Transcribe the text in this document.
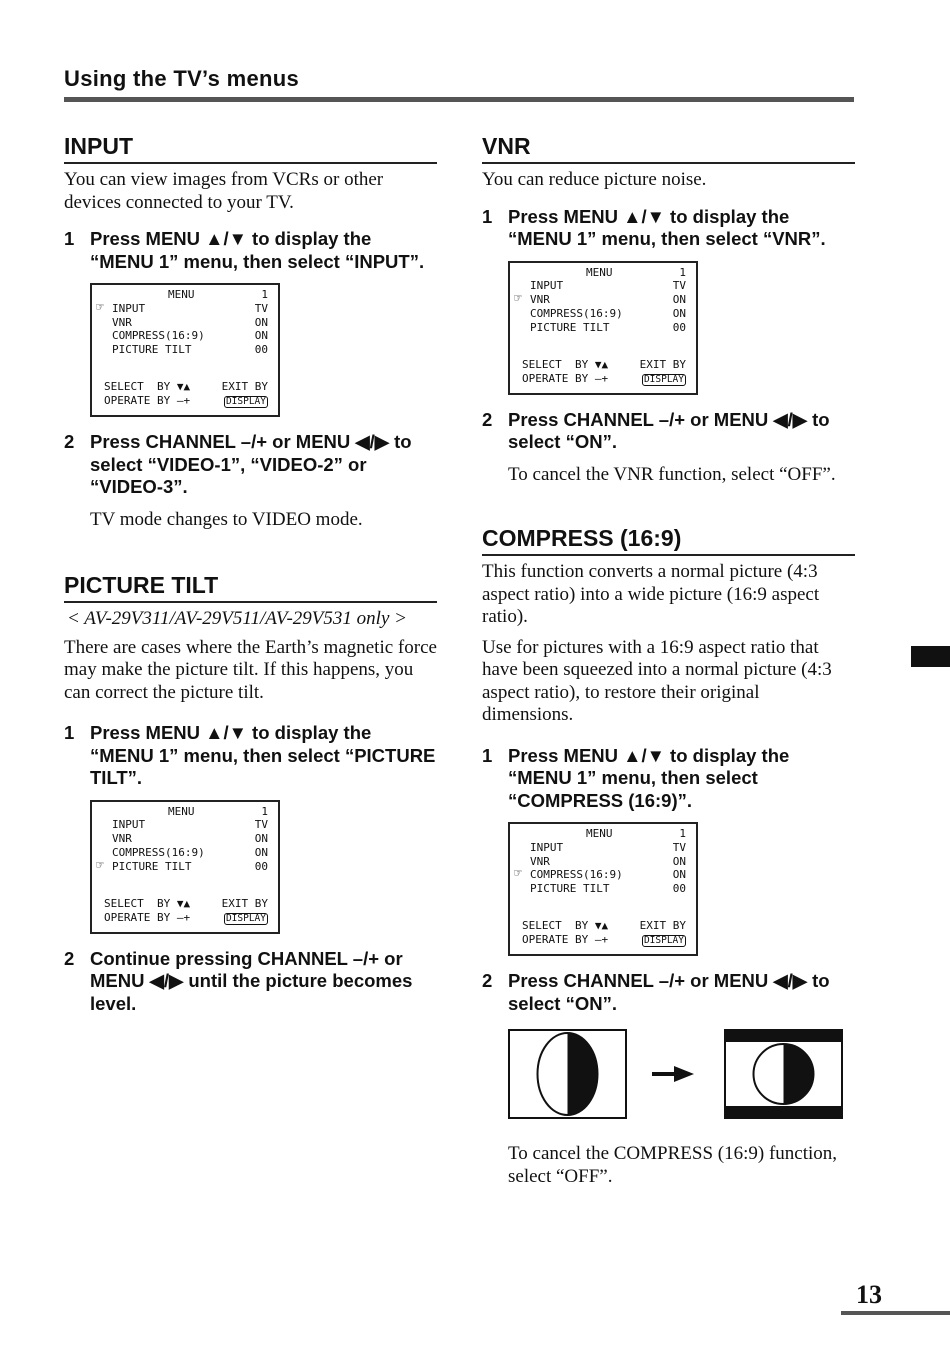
Using the TV’s menus
INPUT

You can view images from VCRs or other devices connected to your TV.

1 Press MENU ▲/▼ to display the “MENU 1” menu, then select “INPUT”.
MENU	1
☞ INPUT	TV
VNR	ON
COMPRESS(16:9)	ON
PICTURE TILT	00
SELECT  BY ▼▲	EXIT BY
OPERATE BY —+	DISPLAY
2 Press CHANNEL –/+ or MENU ◀/▶ to select “VIDEO-1”, “VIDEO-2” or “VIDEO-3”.

TV mode changes to VIDEO mode.

PICTURE TILT

< AV-29V311/AV-29V511/AV-29V531 only >

There are cases where the Earth’s magnetic force may make the picture tilt. If this happens, you can correct the picture tilt.

1 Press MENU ▲/▼ to display the “MENU 1” menu, then select “PICTURE TILT”.
MENU	1
INPUT	TV
VNR	ON
COMPRESS(16:9)	ON
☞ PICTURE TILT	00
SELECT  BY ▼▲	EXIT BY
OPERATE BY —+	DISPLAY
2 Continue pressing CHANNEL –/+ or MENU ◀/▶ until the picture becomes level.
VNR

You can reduce picture noise.

1 Press MENU ▲/▼ to display the “MENU 1” menu, then select “VNR”.
MENU	1
INPUT	TV
☞ VNR	ON
COMPRESS(16:9)	ON
PICTURE TILT	00
SELECT  BY ▼▲	EXIT BY
OPERATE BY —+	DISPLAY
2 Press CHANNEL –/+ or MENU ◀/▶ to select “ON”.

To cancel the VNR function, select “OFF”.

COMPRESS (16:9)

This function converts a normal picture (4:3 aspect ratio) into a wide picture (16:9 aspect ratio).

Use for pictures with a 16:9 aspect ratio that have been squeezed into a normal picture (4:3 aspect ratio), to restore their original dimensions.

1 Press MENU ▲/▼ to display the “MENU 1” menu, then select “COMPRESS (16:9)”.
MENU	1
INPUT	TV
VNR	ON
☞ COMPRESS(16:9)	ON
PICTURE TILT	00
SELECT  BY ▼▲	EXIT BY
OPERATE BY —+	DISPLAY
2 Press CHANNEL –/+ or MENU ◀/▶ to select “ON”.

To cancel the COMPRESS (16:9) function, select “OFF”.

13
